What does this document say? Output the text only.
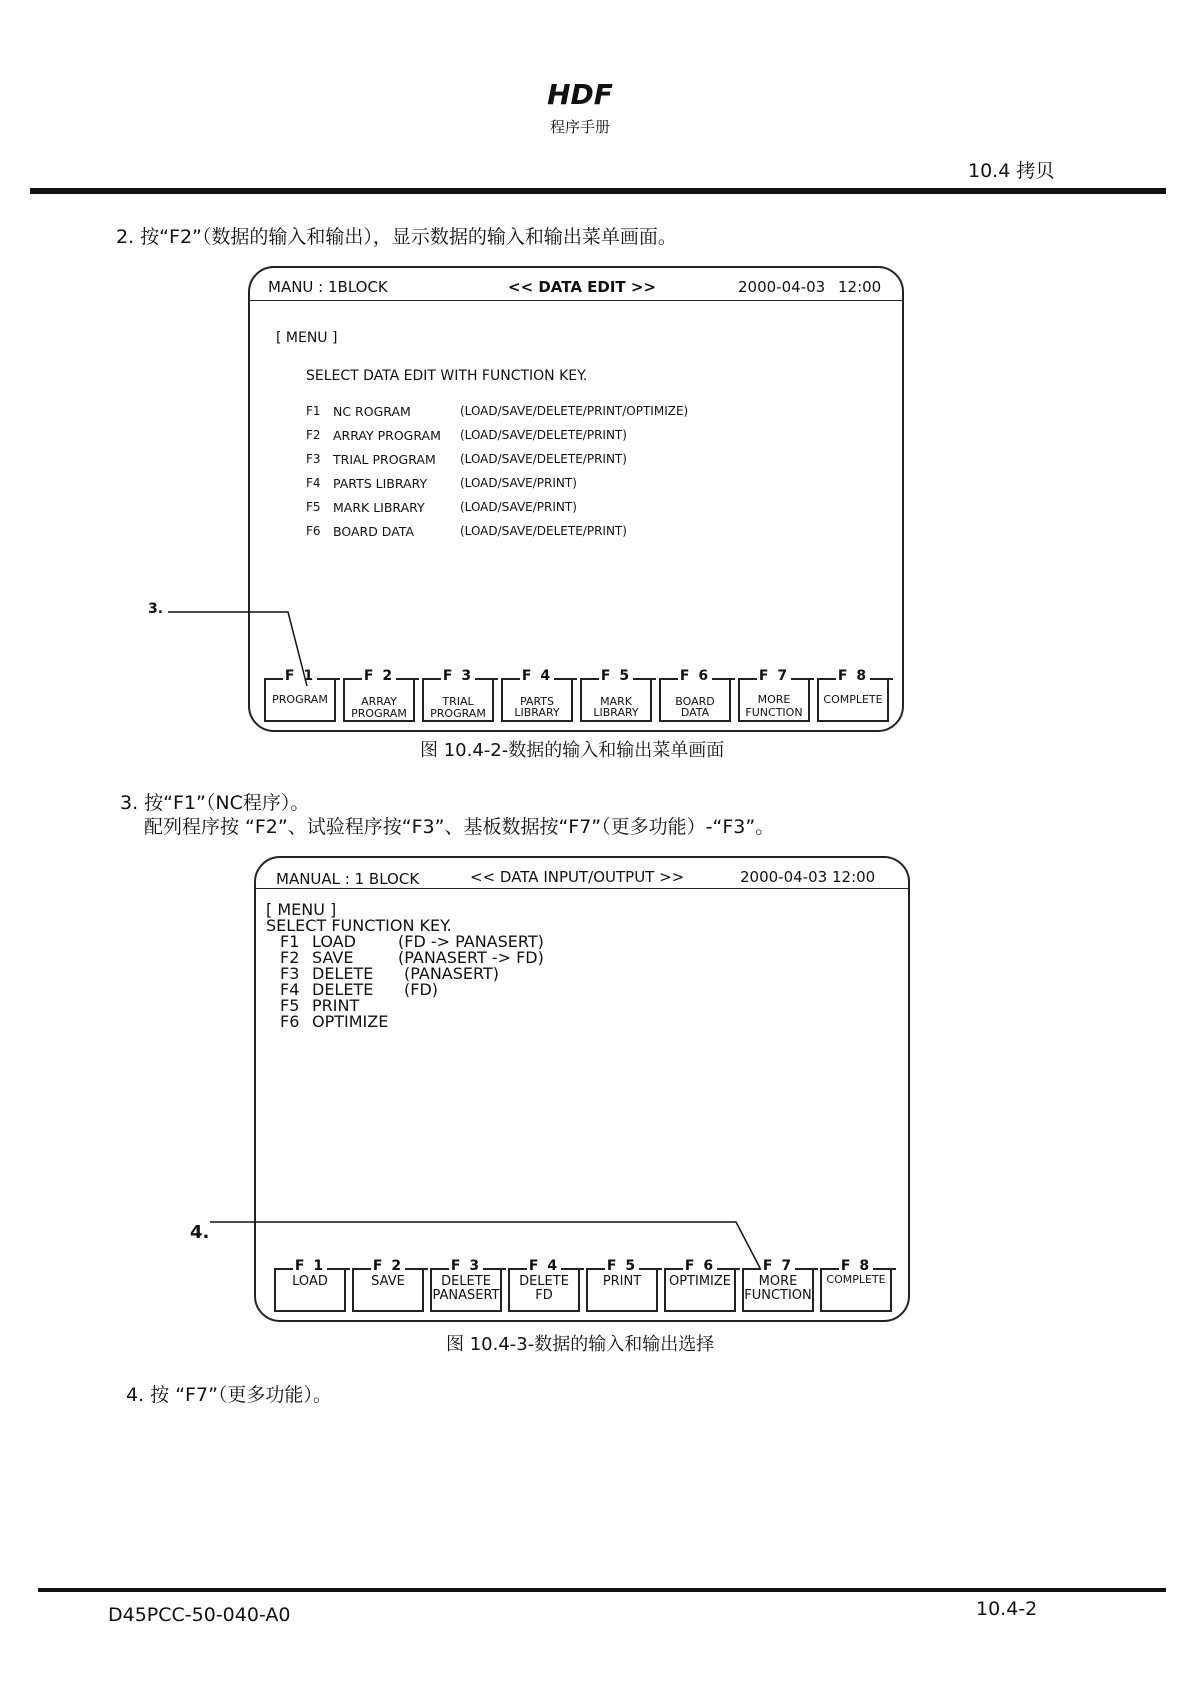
HDF
程序手册
10.4 拷贝
2. 按“F2”（数据的输入和输出），显示数据的输入和输出菜单画面。
MANU : 1BLOCK	<< DATA EDIT >>	2000-04-03 12:00
[ MENU ]
SELECT DATA EDIT WITH FUNCTION KEY.
F1 NC ROGRAM	(LOAD/SAVE/DELETE/PRINT/OPTIMIZE)
F2 ARRAY PROGRAM (LOAD/SAVE/DELETE/PRINT)
F3 TRIAL PROGRAM (LOAD/SAVE/DELETE/PRINT)
F4 PARTS LIBRARY	(LOAD/SAVE/PRINT)
F5 MARK LIBRARY	(LOAD/SAVE/PRINT)
F6 BOARD DATA	(LOAD/SAVE/DELETE/PRINT)
F 1
PROGRAM
F 2
ARRAY
PROGRAM
F 3
TRIAL
PROGRAM
F 4
PARTS
LIBRARY
F 5
MARK
LIBRARY
F 6
BOARD
DATA
F 7
MORE
FUNCTION
F 8
COMPLETE
3.
图 10.4-2-数据的输入和输出菜单画面
3. 按“F1”（NC程序）。
配列程序按 “F2”、试验程序按“F3”、基板数据按“F7”（更多功能）-“F3”。
MANUAL : 1 BLOCK	<< DATA INPUT/OUTPUT >>	2000-04-03 12:00
[ MENU ]
SELECT FUNCTION KEY.
F1 LOAD	(FD -> PANASERT)
F2 SAVE	(PANASERT -> FD)
F3 DELETE (PANASERT)
F4 DELETE (FD)
F5 PRINT
F6 OPTIMIZE
F 1
LOAD
F 2
SAVE
F 3
DELETE
PANASERT
F 4
DELETE
FD
F 5
PRINT
F 6
OPTIMIZE
F 7
MORE
FUNCTION
F 8
COMPLETE
4.
图 10.4-3-数据的输入和输出选择
4. 按 “F7”（更多功能）。
D45PCC-50-040-A0	10.4-2
